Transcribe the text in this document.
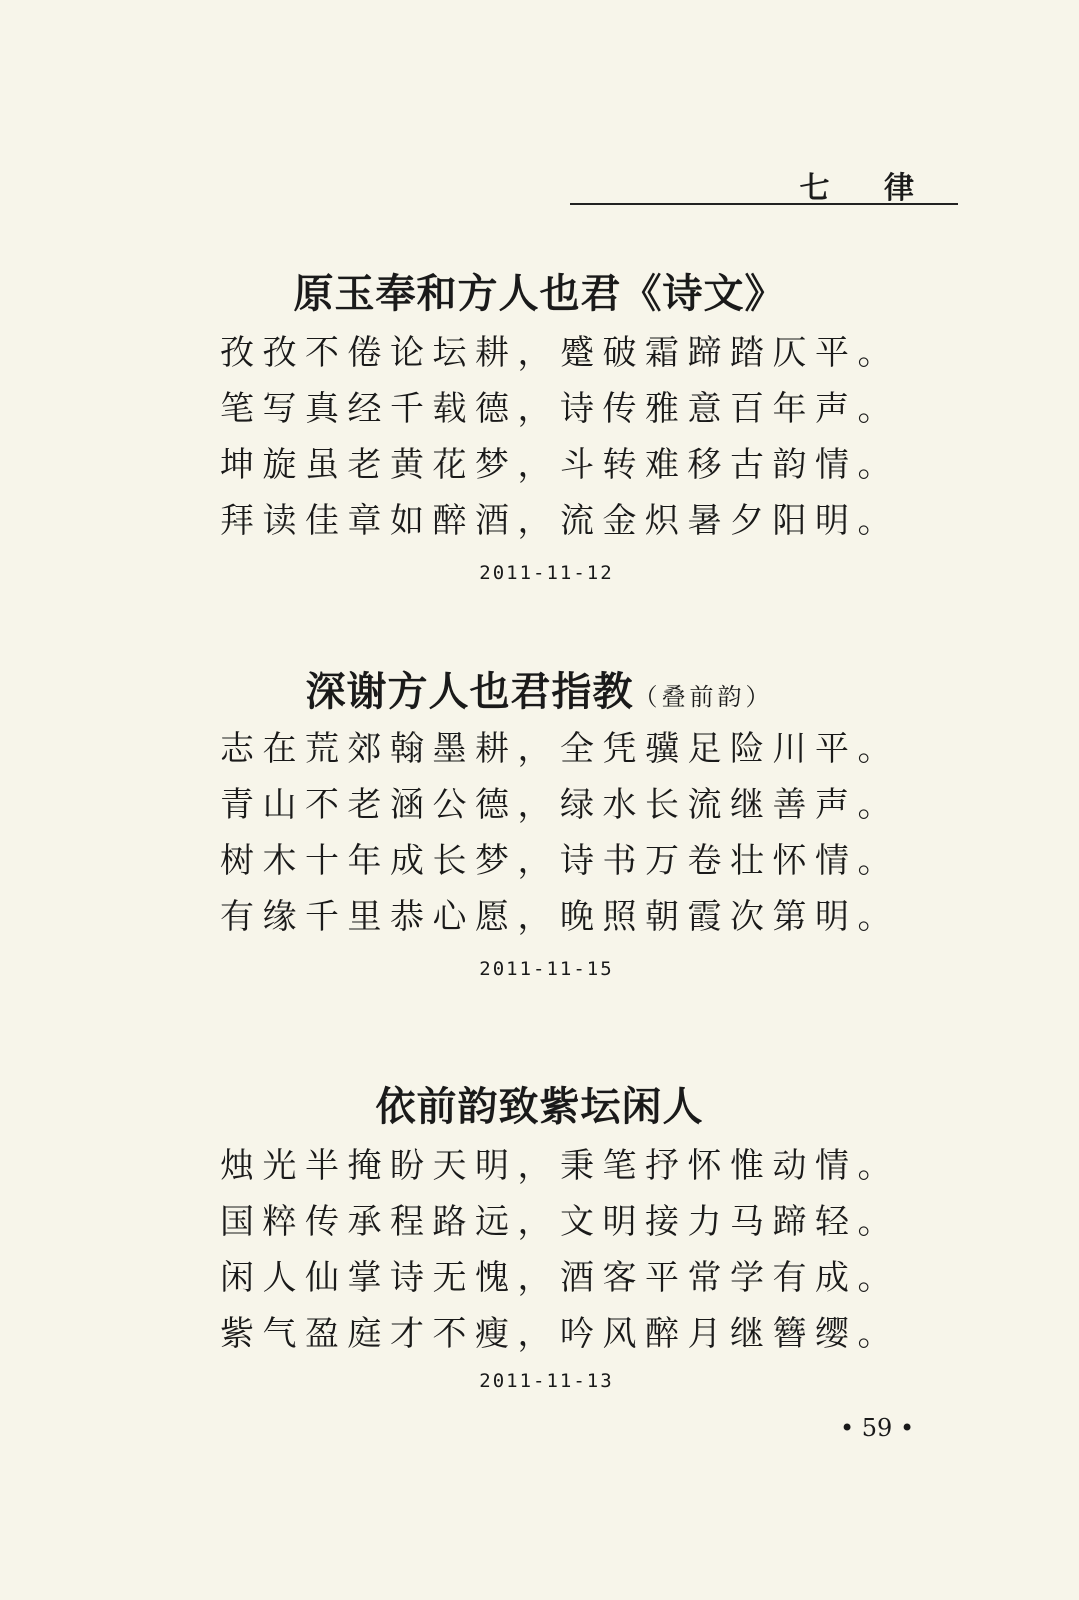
七 律
原玉奉和方人也君《诗文》
孜孜不倦论坛耕，蹙破霜蹄踏仄平。
笔写真经千载德，诗传雅意百年声。
坤旋虽老黄花梦，斗转难移古韵情。
拜读佳章如醉酒，流金炽暑夕阳明。
2011-11-12
深谢方人也君指教（叠前韵）
志在荒郊翰墨耕，全凭骥足险川平。
青山不老涵公德，绿水长流继善声。
树木十年成长梦，诗书万卷壮怀情。
有缘千里恭心愿，晚照朝霞次第明。
2011-11-15
依前韵致紫坛闲人
烛光半掩盼天明，秉笔抒怀惟动情。
国粹传承程路远，文明接力马蹄轻。
闲人仙掌诗无愧，酒客平常学有成。
紫气盈庭才不瘦，吟风醉月继簪缨。
2011-11-13
• 59 •
